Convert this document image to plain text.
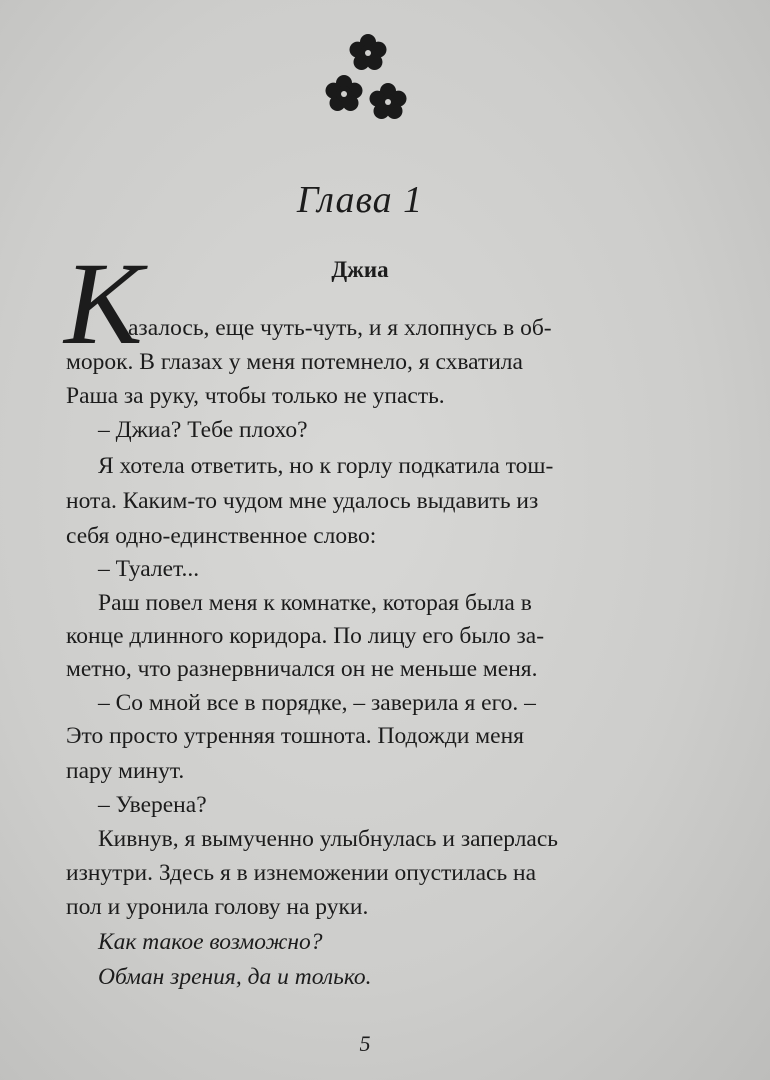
Глава 1
Джиа
К
азалось, еще чуть-чуть, и я хлопнусь в об-
морок. В глазах у меня потемнело, я схватила
Раша за руку, чтобы только не упасть.
– Джиа? Тебе плохо?
Я хотела ответить, но к горлу подкатила тош-
нота. Каким-то чудом мне удалось выдавить из
себя одно-единственное слово:
– Туалет...
Раш повел меня к комнатке, которая была в
конце длинного коридора. По лицу его было за-
метно, что разнервничался он не меньше меня.
– Со мной все в порядке, – заверила я его. –
Это просто утренняя тошнота. Подожди меня
пару минут.
– Уверена?
Кивнув, я вымученно улыбнулась и заперлась
изнутри. Здесь я в изнеможении опустилась на
пол и уронила голову на руки.
Как такое возможно?
Обман зрения, да и только.
5
